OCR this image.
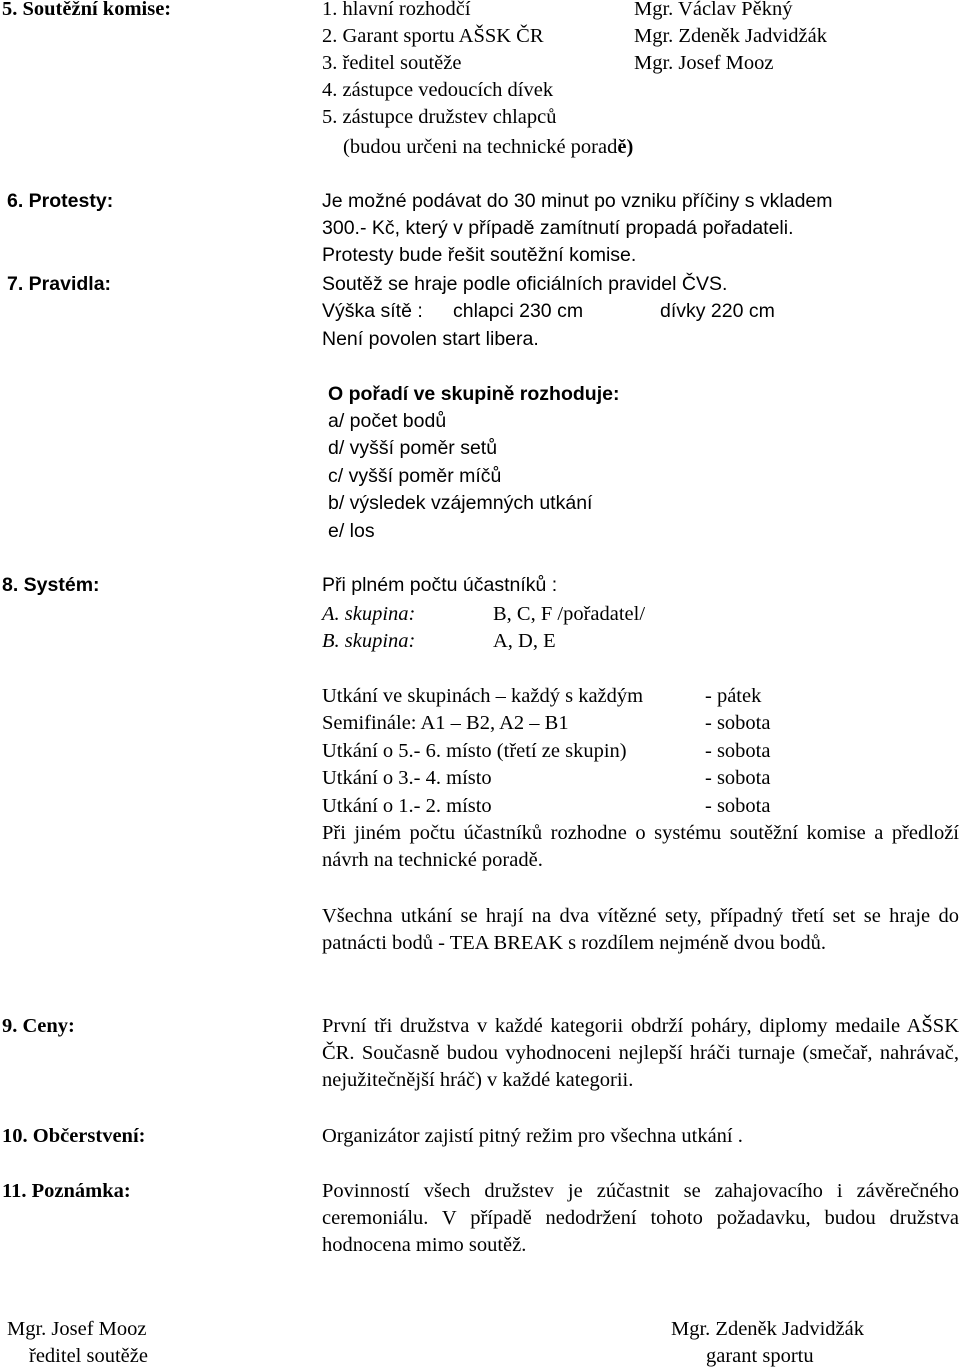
5. Soutěžní komise:	1. hlavní rozhodčí	Mgr. Václav Pěkný
2. Garant sportu AŠSK ČR	Mgr. Zdeněk Jadvidžák
3. ředitel soutěže	Mgr. Josef Mooz
4. zástupce vedoucích dívek
5. zástupce družstev chlapců
(budou určeni na technické poradě)
6. Protesty:	Je možné podávat do 30 minut po vzniku příčiny s vkladem
300.- Kč, který v případě zamítnutí propadá pořadateli.
Protesty bude řešit soutěžní komise.
7. Pravidla:	Soutěž se hraje podle oficiálních pravidel ČVS.
Výška sítě : chlapci 230 cm	dívky 220 cm
Není povolen start libera.
O pořadí ve skupině rozhoduje:
a/ počet bodů
d/ vyšší poměr setů
c/ vyšší poměr míčů
b/ výsledek vzájemných utkání
e/ los
8. Systém:	Při plném počtu účastníků :
A. skupina:	B, C, F /pořadatel/
B. skupina:	A, D, E
Utkání ve skupinách – každý s každým	- pátek
Semifinále: A1 – B2, A2 – B1	- sobota
Utkání o 5.- 6. místo (třetí ze skupin)	- sobota
Utkání o 3.- 4. místo	- sobota
Utkání o 1.- 2. místo	- sobota
Při jiném počtu účastníků rozhodne o systému soutěžní komise a předloží návrh na technické poradě.
Všechna utkání se hrají na dva vítězné sety, případný třetí set se hraje do patnácti bodů - TEA BREAK s rozdílem nejméně dvou bodů.
9. Ceny:	První tři družstva v každé kategorii obdrží poháry, diplomy medaile AŠSK ČR. Současně budou vyhodnoceni nejlepší hráči turnaje (smečař, nahrávač, nejužitečnější hráč) v každé kategorii.
10. Občerstvení:	Organizátor zajistí pitný režim pro všechna utkání .
11. Poznámka:	Povinností všech družstev je zúčastnit se zahajovacího i závěrečného ceremoniálu. V případě nedodržení tohoto požadavku, budou družstva hodnocena mimo soutěž.
Mgr. Josef Mooz
ředitel soutěže
Mgr. Zdeněk Jadvidžák
garant sportu
